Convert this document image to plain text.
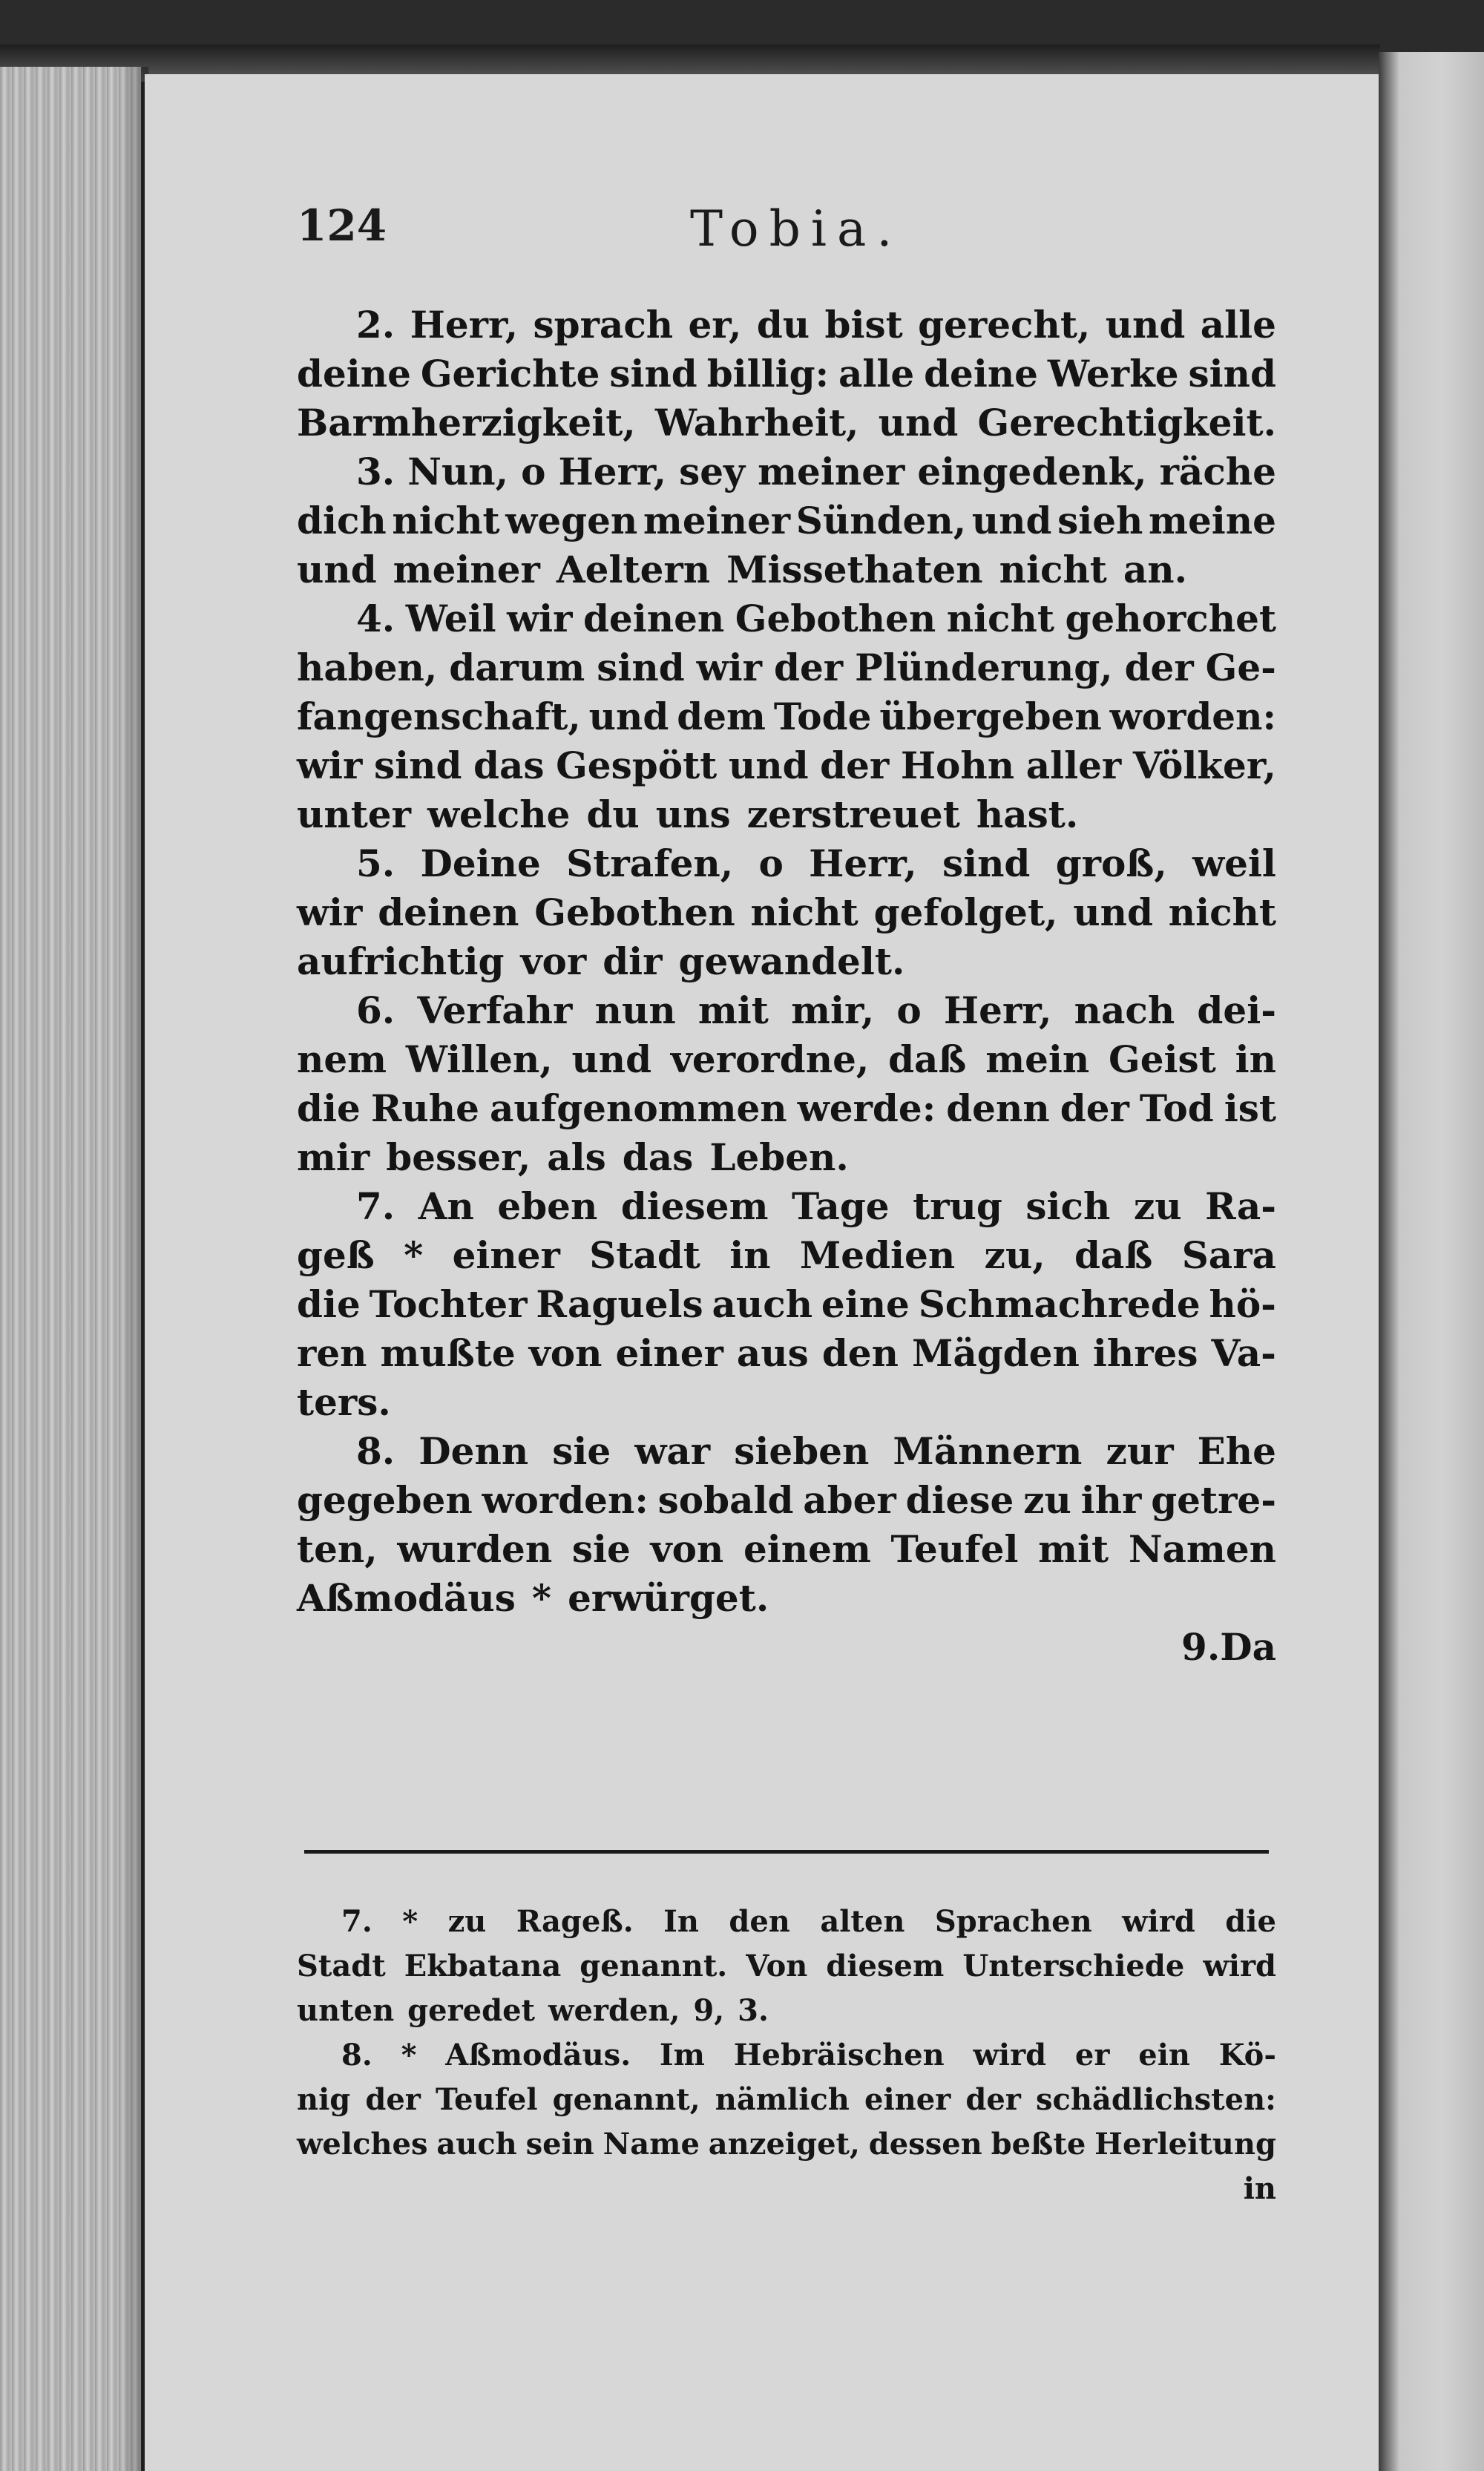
124	Tobia.
2. Herr, sprach er, du bist gerecht, und alle
deine Gerichte sind billig: alle deine Werke sind
Barmherzigkeit, Wahrheit, und Gerechtigkeit.
3. Nun, o Herr, sey meiner eingedenk, räche
dich nicht wegen meiner Sünden, und sieh meine
und meiner Aeltern Missethaten nicht an.
4. Weil wir deinen Gebothen nicht gehorchet
haben, darum sind wir der Plünderung, der Ge-
fangenschaft, und dem Tode übergeben worden:
wir sind das Gespött und der Hohn aller Völker,
unter welche du uns zerstreuet hast.
5. Deine Strafen, o Herr, sind groß, weil
wir deinen Gebothen nicht gefolget, und nicht
aufrichtig vor dir gewandelt.
6. Verfahr nun mit mir, o Herr, nach dei-
nem Willen, und verordne, daß mein Geist in
die Ruhe aufgenommen werde: denn der Tod ist
mir besser, als das Leben.
7. An eben diesem Tage trug sich zu Ra-
geß * einer Stadt in Medien zu, daß Sara
die Tochter Raguels auch eine Schmachrede hö-
ren mußte von einer aus den Mägden ihres Va-
ters.
8. Denn sie war sieben Männern zur Ehe
gegeben worden: sobald aber diese zu ihr getre-
ten, wurden sie von einem Teufel mit Namen
Aßmodäus * erwürget.
9. Da
7. * zu Rageß. In den alten Sprachen wird die
Stadt Ekbatana genannt. Von diesem Unterschiede wird
unten geredet werden, 9, 3.
8. * Aßmodäus. Im Hebräischen wird er ein Kö-
nig der Teufel genannt, nämlich einer der schädlichsten:
welches auch sein Name anzeiget, dessen beßte Herleitung
in
